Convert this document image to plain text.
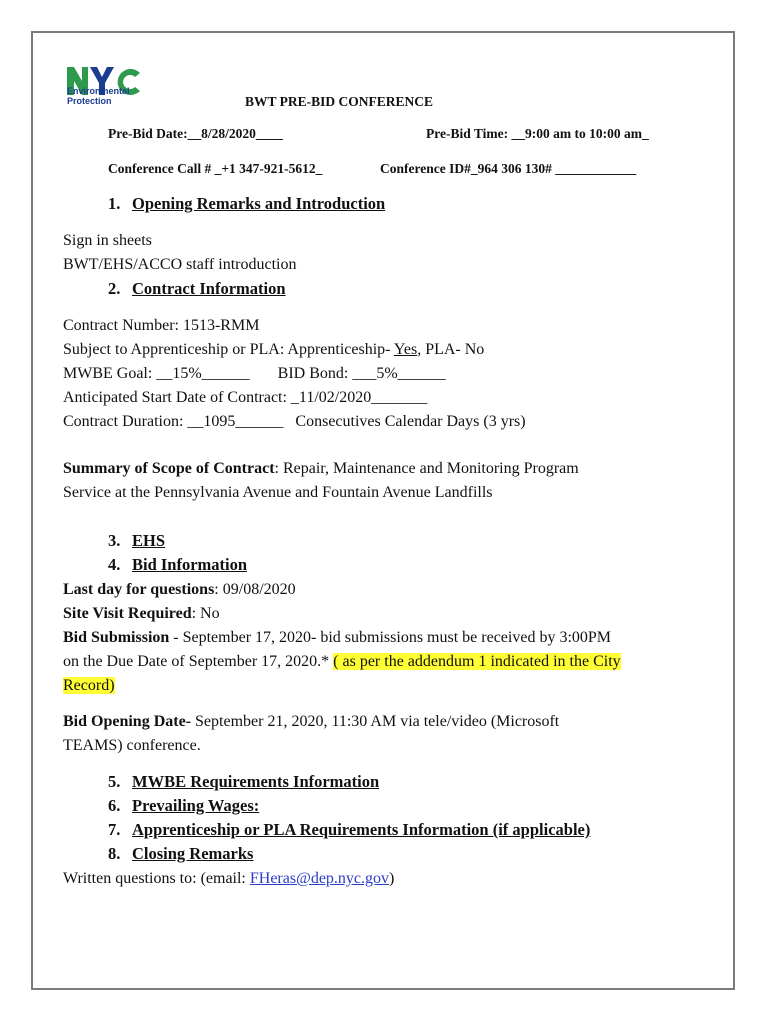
Environmental
Protection	BWT PRE-BID CONFERENCE
Pre-Bid Date:__8/28/2020____	Pre-Bid Time: __9:00 am to 10:00 am_
Conference Call # _+1 347-921-5612_	Conference ID#_964 306 130# ____________
1. Opening Remarks and Introduction
Sign in sheets
BWT/EHS/ACCO staff introduction
2. Contract Information
Contract Number: 1513-RMM
Subject to Apprenticeship or PLA: Apprenticeship- Yes, PLA- No
MWBE Goal: __15%______ BID Bond: ___5%______
Anticipated Start Date of Contract: _11/02/2020_______
Contract Duration: __1095______ Consecutives Calendar Days (3 yrs)
Summary of Scope of Contract: Repair, Maintenance and Monitoring Program
Service at the Pennsylvania Avenue and Fountain Avenue Landfills
3. EHS
4. Bid Information
Last day for questions: 09/08/2020
Site Visit Required: No
Bid Submission - September 17, 2020- bid submissions must be received by 3:00PM
on the Due Date of September 17, 2020.* ( as per the addendum 1 indicated in the City
Record)
Bid Opening Date- September 21, 2020, 11:30 AM via tele/video (Microsoft
TEAMS) conference.
5. MWBE Requirements Information
6. Prevailing Wages:
7. Apprenticeship or PLA Requirements Information (if applicable)
8. Closing Remarks
Written questions to: (email: FHeras@dep.nyc.gov)
